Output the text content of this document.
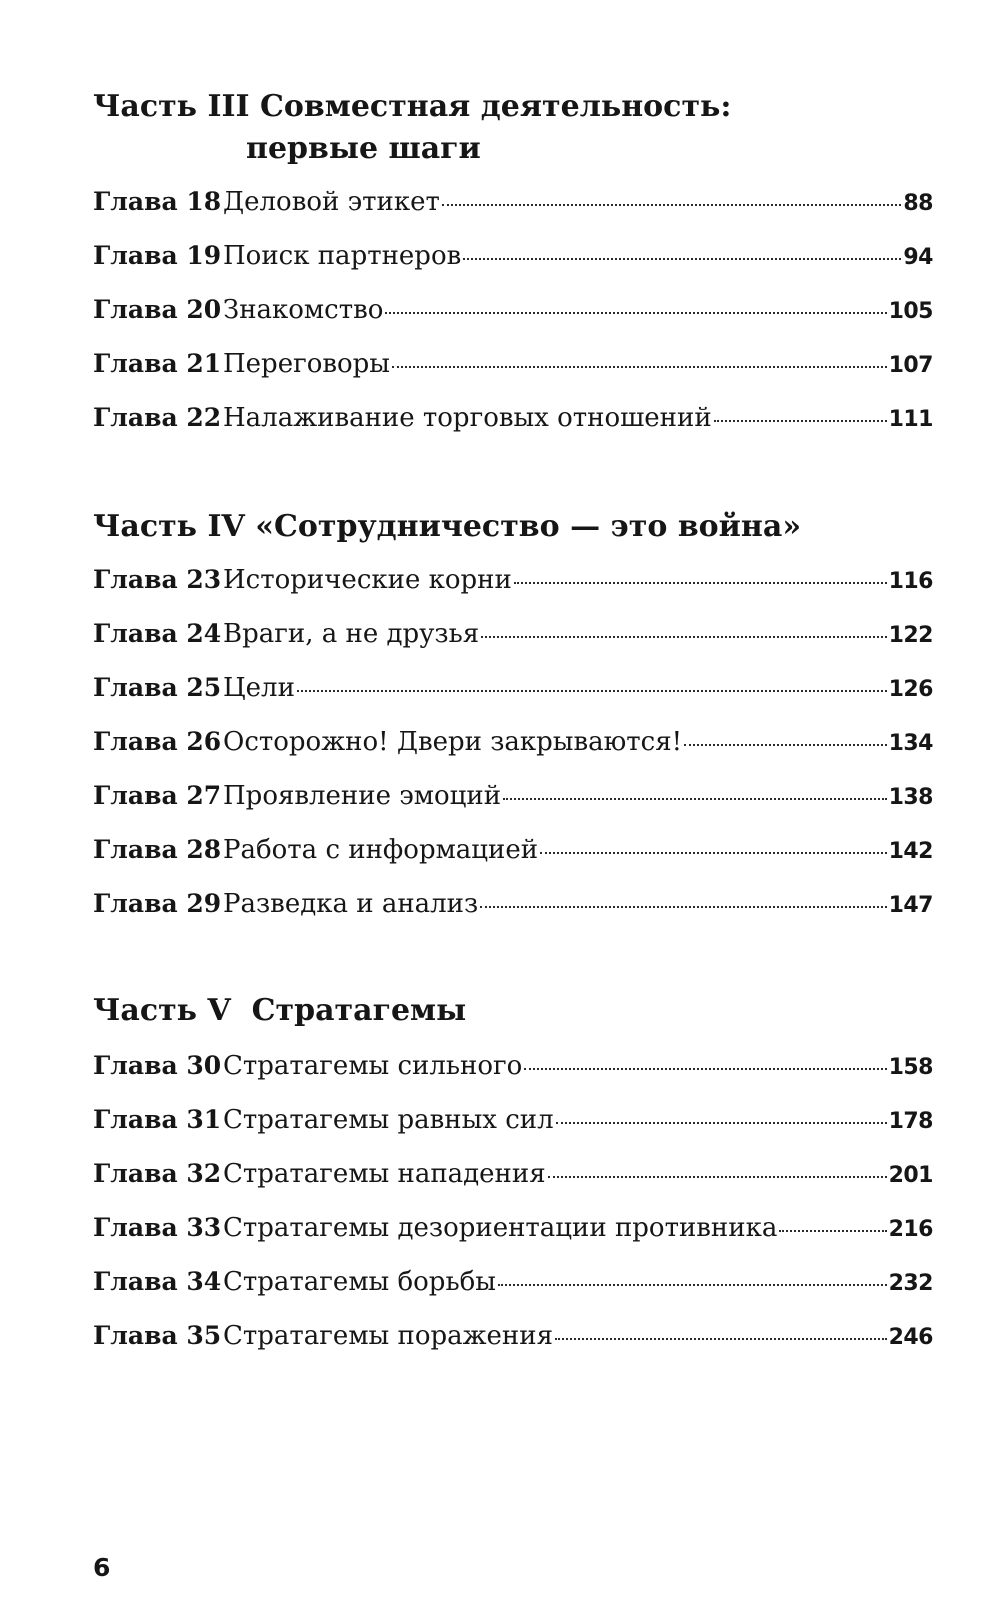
Часть III Совместная деятельность:
первые шаги
Глава 18 Деловой этикет	88
Глава 19 Поиск партнеров	94
Глава 20 Знакомство	105
Глава 21 Переговоры	107
Глава 22 Налаживание торговых отношений	111
Часть IV «Сотрудничество — это война»
Глава 23 Исторические корни	116
Глава 24 Враги, а не друзья	122
Глава 25 Цели	126
Глава 26 Осторожно! Двери закрываются!	134
Глава 27 Проявление эмоций	138
Глава 28 Работа с информацией	142
Глава 29 Разведка и анализ	147
Часть V Стратагемы
Глава 30 Стратагемы сильного	158
Глава 31 Стратагемы равных сил	178
Глава 32 Стратагемы нападения	201
Глава 33 Стратагемы дезориентации противника	216
Глава 34 Стратагемы борьбы	232
Глава 35 Стратагемы поражения	246
6
